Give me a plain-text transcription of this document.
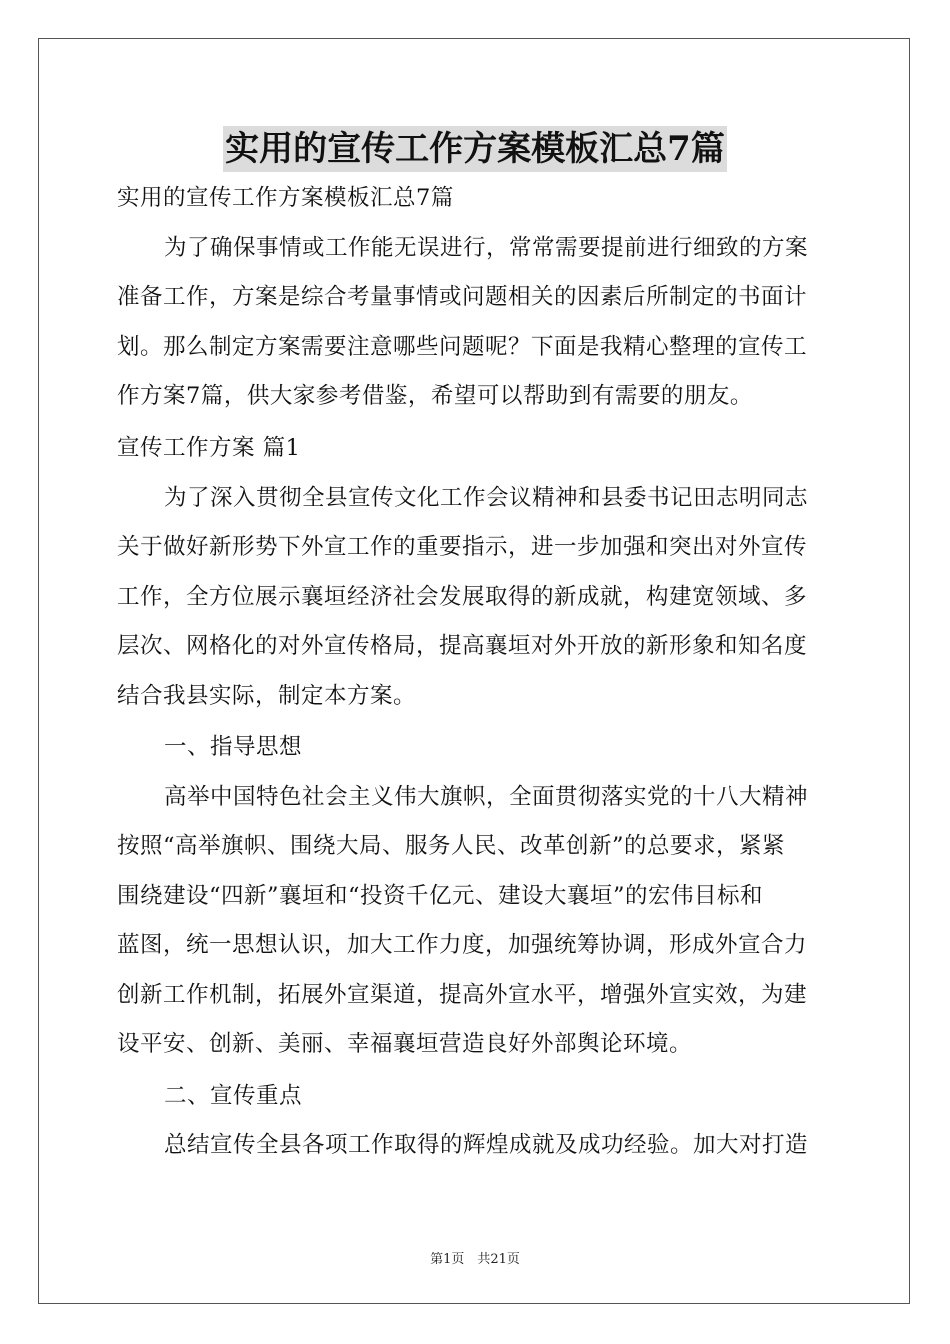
实用的宣传工作方案模板汇总7篇
实用的宣传工作方案模板汇总7篇
为了确保事情或工作能无误进行，常常需要提前进行细致的方案
准备工作，方案是综合考量事情或问题相关的因素后所制定的书面计
划。那么制定方案需要注意哪些问题呢？下面是我精心整理的宣传工
作方案7篇，供大家参考借鉴，希望可以帮助到有需要的朋友。
宣传工作方案 篇1
为了深入贯彻全县宣传文化工作会议精神和县委书记田志明同志
关于做好新形势下外宣工作的重要指示，进一步加强和突出对外宣传
工作，全方位展示襄垣经济社会发展取得的新成就，构建宽领域、多
层次、网格化的对外宣传格局，提高襄垣对外开放的新形象和知名度
结合我县实际，制定本方案。
一、指导思想
高举中国特色社会主义伟大旗帜，全面贯彻落实党的十八大精神
按照“高举旗帜、围绕大局、服务人民、改革创新”的总要求，紧紧
围绕建设“四新”襄垣和“投资千亿元、建设大襄垣”的宏伟目标和
蓝图，统一思想认识，加大工作力度，加强统筹协调，形成外宣合力
创新工作机制，拓展外宣渠道，提高外宣水平，增强外宣实效，为建
设平安、创新、美丽、幸福襄垣营造良好外部舆论环境。
二、宣传重点
总结宣传全县各项工作取得的辉煌成就及成功经验。加大对打造
第1页　共21页
